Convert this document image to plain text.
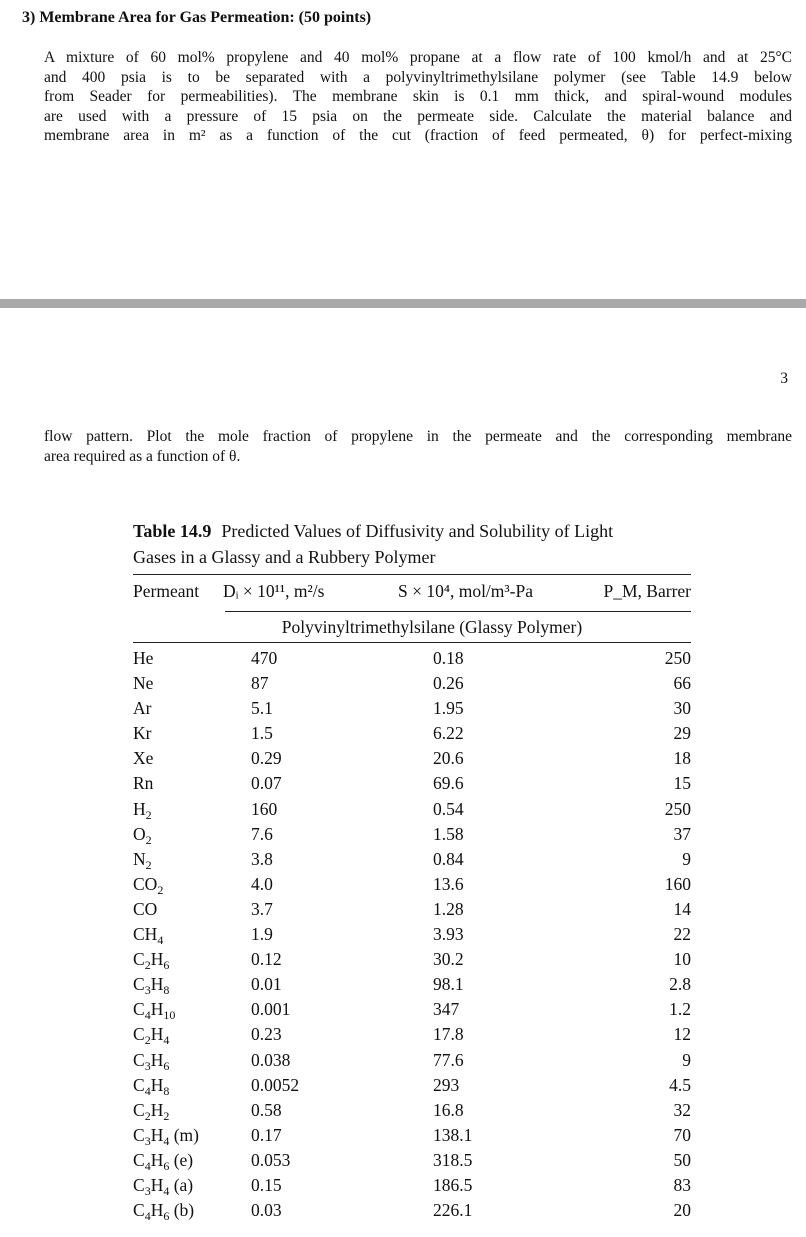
3) Membrane Area for Gas Permeation: (50 points)
A mixture of 60 mol% propylene and 40 mol% propane at a flow rate of 100 kmol/h and at 25°C
and 400 psia is to be separated with a polyvinyltrimethylsilane polymer (see Table 14.9 below
from Seader for permeabilities). The membrane skin is 0.1 mm thick, and spiral-wound modules
are used with a pressure of 15 psia on the permeate side. Calculate the material balance and
membrane area in m² as a function of the cut (fraction of feed permeated, θ) for perfect-mixing
3
flow pattern. Plot the mole fraction of propylene in the permeate and the corresponding membrane
area required as a function of θ.
Table 14.9 Predicted Values of Diffusivity and Solubility of Light
Gases in a Glassy and a Rubbery Polymer
Permeant Dᵢ × 10¹¹, m²/s	S × 10⁴, mol/m³-Pa	P_M, Barrer
Polyvinyltrimethylsilane (Glassy Polymer)
He	470	0.18	250
Ne	87	0.26	66
Ar	5.1	1.95	30
Kr	1.5	6.22	29
Xe	0.29	20.6	18
Rn	0.07	69.6	15
$H_2$	160	0.54	250
$O_2$	7.6	1.58	37
$N_2$	3.8	0.84	9
$CO_2$	4.0	13.6	160
CO	3.7	1.28	14
$CH_4$	1.9	3.93	22
$C_2H_6$	0.12	30.2	10
$C_3H_8$	0.01	98.1	2.8
$C_4H_{10}$	0.001	347	1.2
$C_2H_4$	0.23	17.8	12
$C_3H_6$	0.038	77.6	9
$C_4H_8$	0.0052	293	4.5
$C_2H_2$	0.58	16.8	32
$C_3H_4$ (m)	0.17	138.1	70
$C_4H_6$ (e)	0.053	318.5	50
$C_3H_4$ (a)	0.15	186.5	83
$C_4H_6$ (b)	0.03	226.1	20
